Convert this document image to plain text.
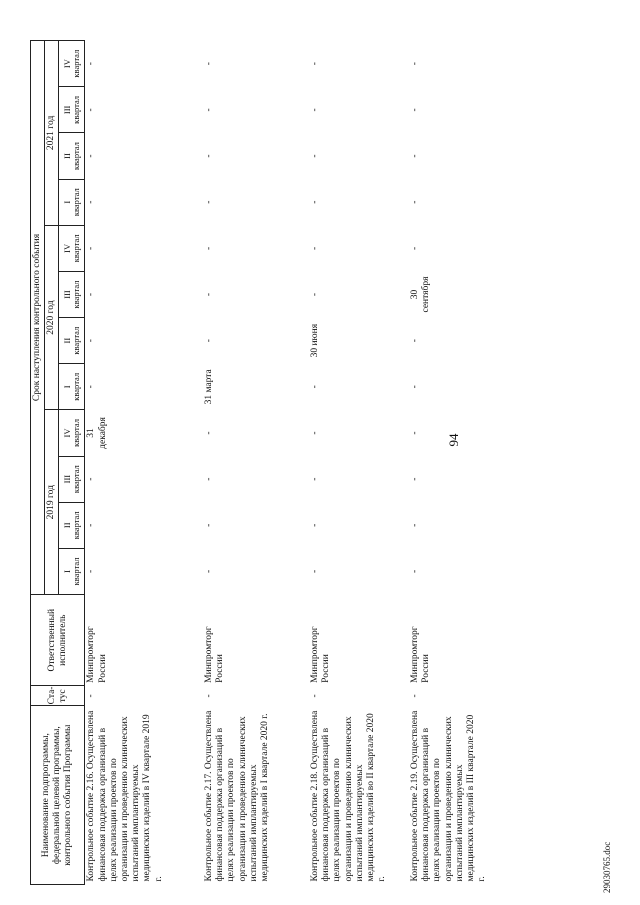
94
Наименование подпрограммы, федеральной целевой программы, контрольного события Программы	Ста-тус	Ответственный исполнитель	Срок наступления контрольного события											
			2019 год				2020 год				2021 год			

			I квартал	II квартал	III квартал	IV квартал	I квартал	II квартал	III квартал	IV квартал	I квартал	II квартал	III квартал	IV квартал

Контрольное событие 2.16. Осуществлена финансовая поддержка организаций в целях реализации проектов по организации и проведению клинических испытаний имплантируемых медицинских изделий в IV квартале 2019 г.	-	Минпромторг России	-	-	-	31 декабря	-	-	-	-	-	-	-	-
Контрольное событие 2.17. Осуществлена финансовая поддержка организаций в целях реализации проектов по организации и проведению клинических испытаний имплантируемых медицинских изделий в I квартале 2020 г.	-	Минпромторг России	-	-	-	-	31 марта	-	-	-	-	-	-	-
Контрольное событие 2.18. Осуществлена финансовая поддержка организаций в целях реализации проектов по организации и проведению клинических испытаний имплантируемых медицинских изделий во II квартале 2020 г.	-	Минпромторг России	-	-	-	-	-	30 июня	-	-	-	-	-	-
Контрольное событие 2.19. Осуществлена финансовая поддержка организаций в целях реализации проектов по организации и проведению клинических испытаний имплантируемых медицинских изделий в III квартале 2020 г.	-	Минпромторг России	-	-	-	-	-	-	30 сентября	-	-	-	-	-
29030765.doc
